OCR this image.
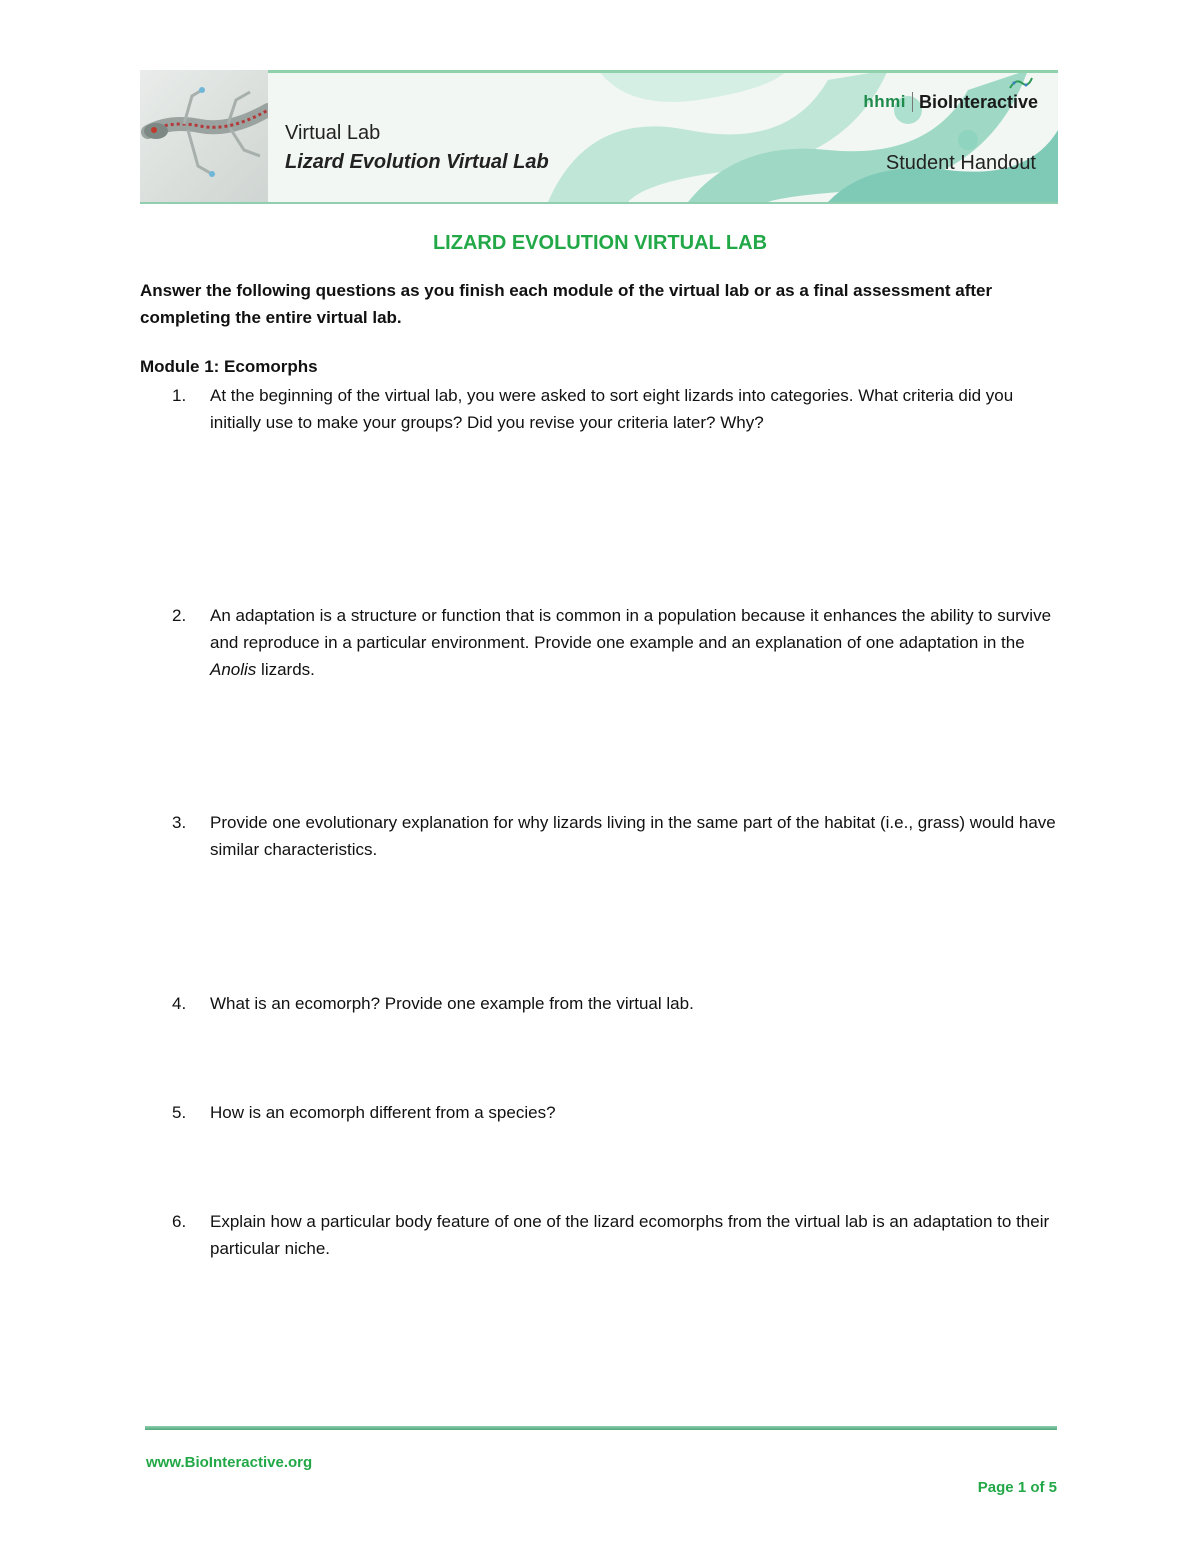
Virtual Lab
Lizard Evolution Virtual Lab	Student Handout
hhmi BioInteractive
LIZARD EVOLUTION VIRTUAL LAB
Answer the following questions as you finish each module of the virtual lab or as a final assessment after completing the entire virtual lab.
Module 1: Ecomorphs
1.	At the beginning of the virtual lab, you were asked to sort eight lizards into categories. What criteria did you initially use to make your groups? Did you revise your criteria later? Why?
2.	An adaptation is a structure or function that is common in a population because it enhances the ability to survive and reproduce in a particular environment. Provide one example and an explanation of one adaptation in the Anolis lizards.
3.	Provide one evolutionary explanation for why lizards living in the same part of the habitat (i.e., grass) would have similar characteristics.
4.	What is an ecomorph? Provide one example from the virtual lab.
5.	How is an ecomorph different from a species?
6.	Explain how a particular body feature of one of the lizard ecomorphs from the virtual lab is an adaptation to their particular niche.
www.BioInteractive.org
Page 1 of 5
